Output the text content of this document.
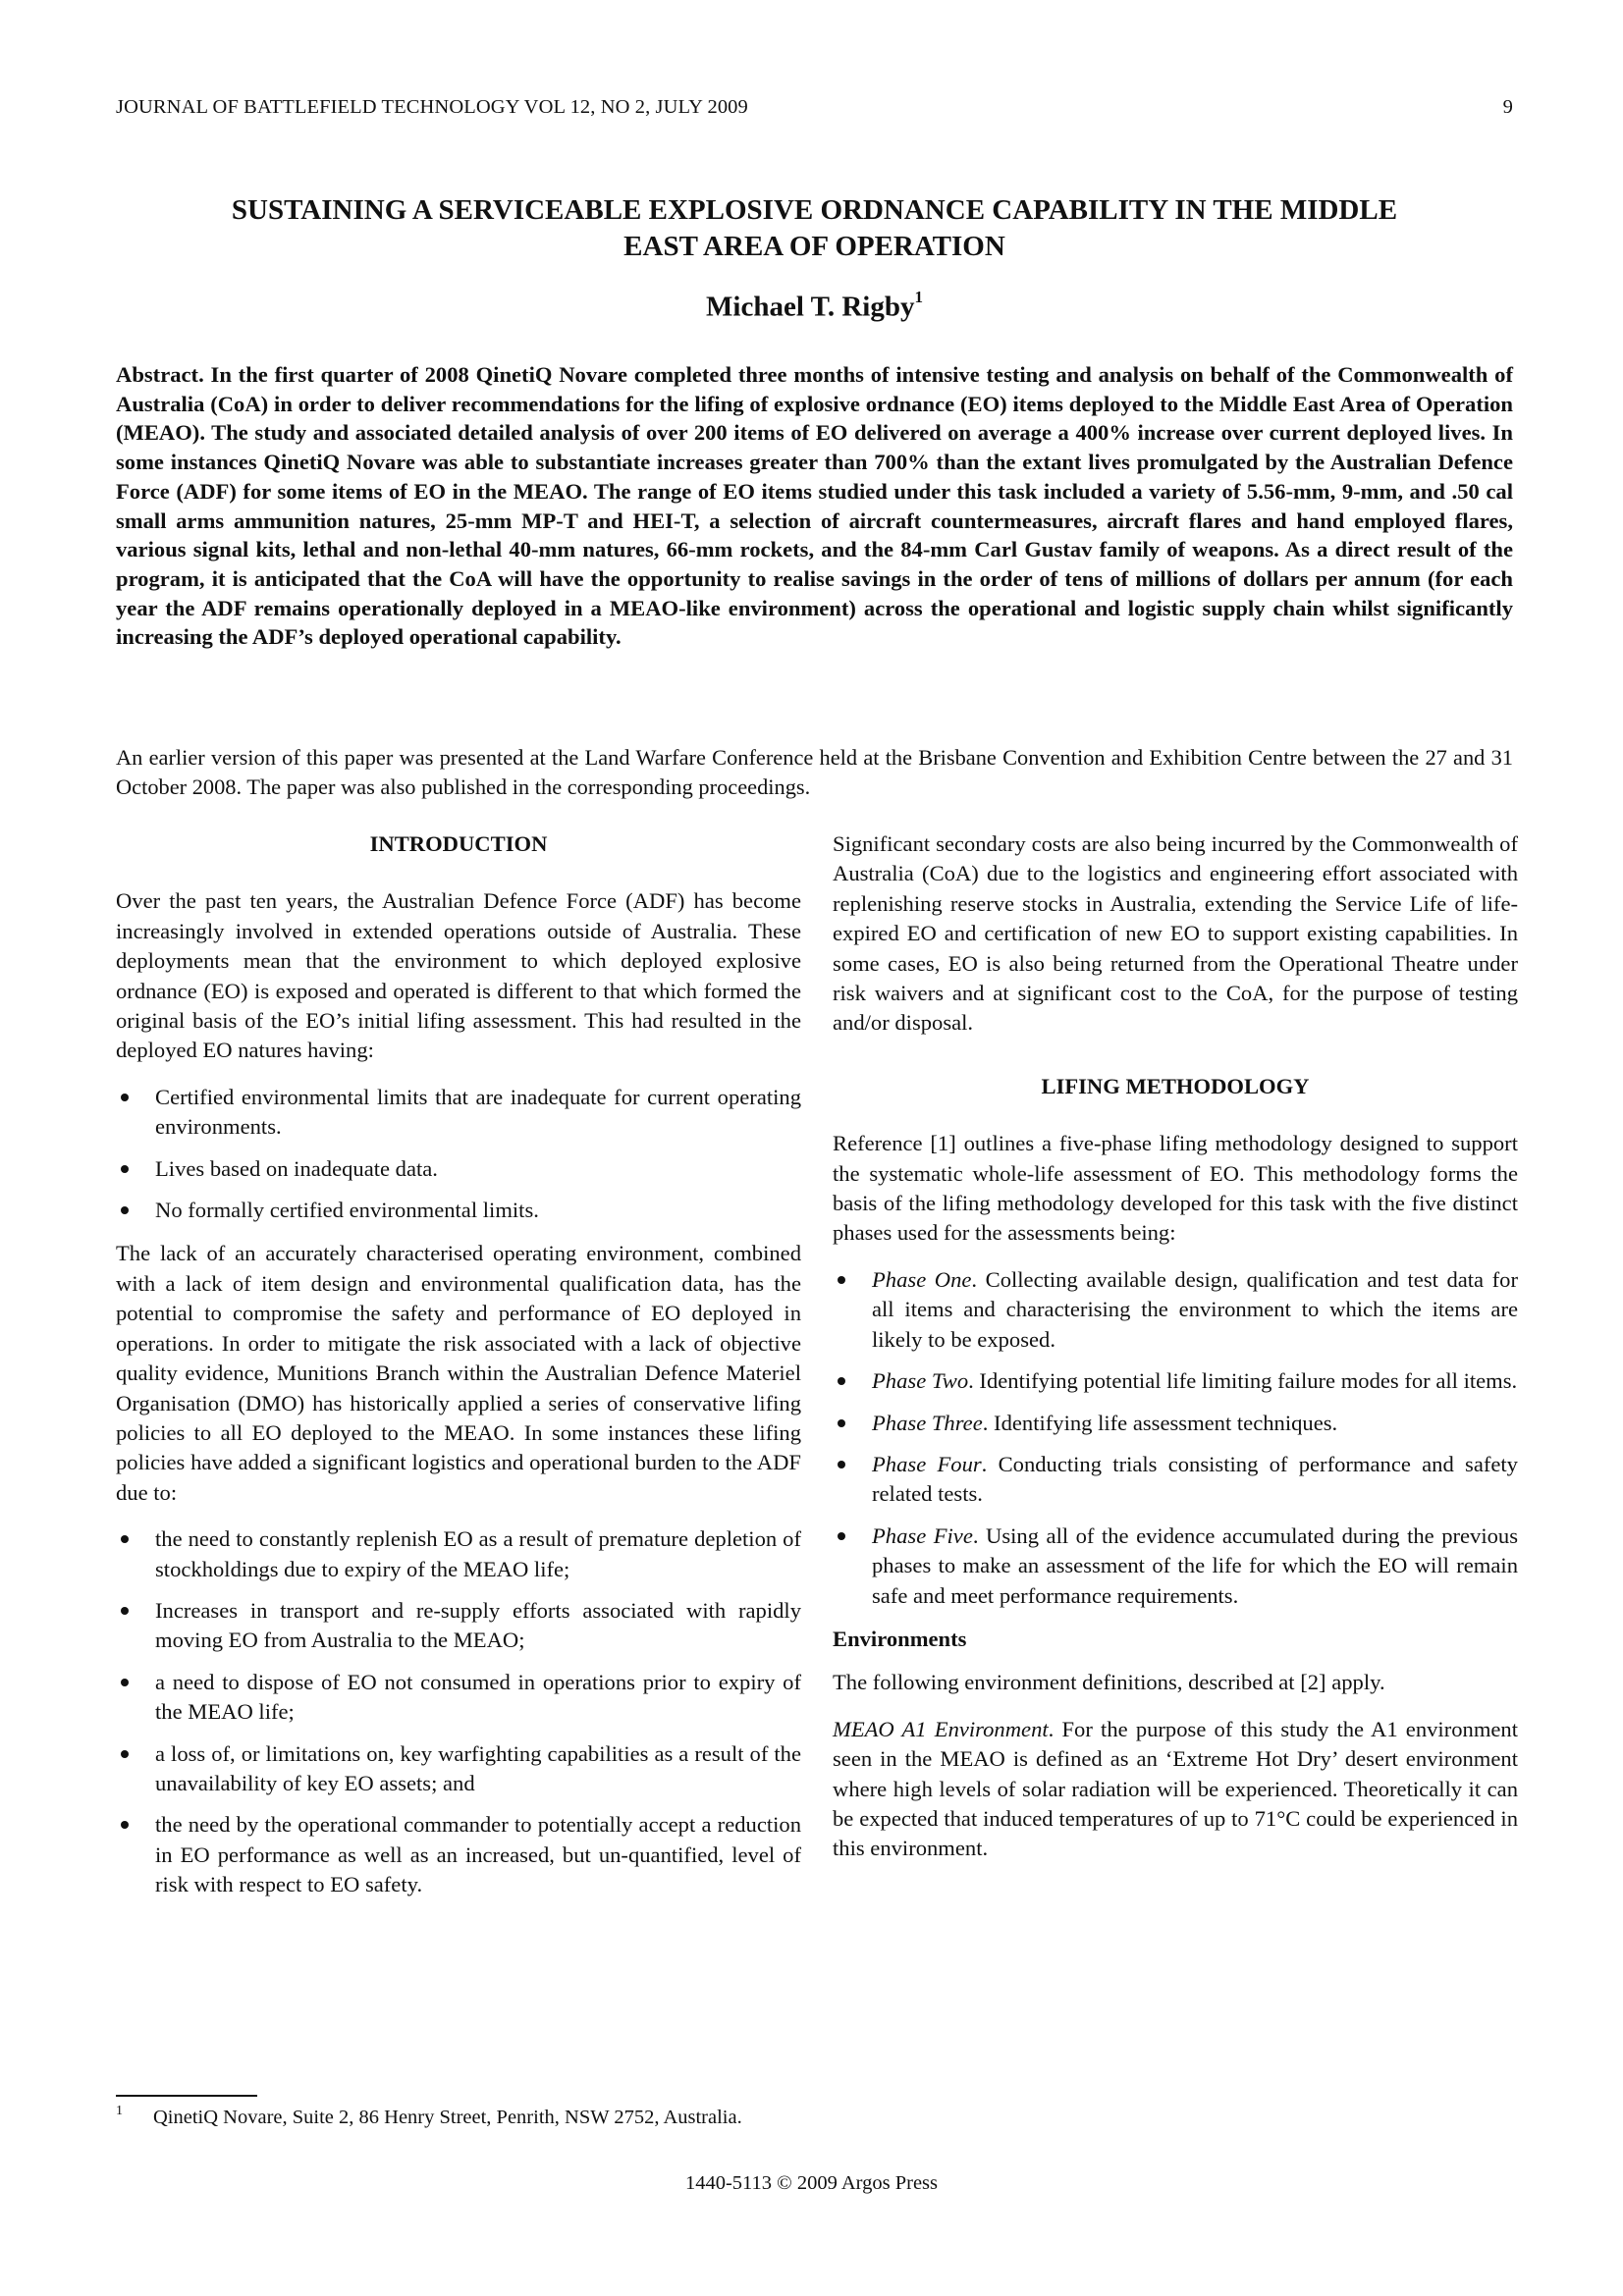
JOURNAL OF BATTLEFIELD TECHNOLOGY VOL 12, NO 2, JULY 2009	9
SUSTAINING A SERVICEABLE EXPLOSIVE ORDNANCE CAPABILITY IN THE MIDDLE
EAST AREA OF OPERATION
Michael T. Rigby$^1$

Abstract. In the first quarter of 2008 QinetiQ Novare completed three months of intensive testing and analysis on behalf of the Commonwealth of Australia (CoA) in order to deliver recommendations for the lifing of explosive ordnance (EO) items deployed to the Middle East Area of Operation (MEAO). The study and associated detailed analysis of over 200 items of EO delivered on average a 400% increase over current deployed lives. In some instances QinetiQ Novare was able to substantiate increases greater than 700% than the extant lives promulgated by the Australian Defence Force (ADF) for some items of EO in the MEAO. The range of EO items studied under this task included a variety of 5.56-mm, 9-mm, and .50 cal small arms ammunition natures, 25-mm MP-T and HEI-T, a selection of aircraft countermeasures, aircraft flares and hand employed flares, various signal kits, lethal and non-lethal 40-mm natures, 66-mm rockets, and the 84-mm Carl Gustav family of weapons. As a direct result of the program, it is anticipated that the CoA will have the opportunity to realise savings in the order of tens of millions of dollars per annum (for each year the ADF remains operationally deployed in a MEAO-like environment) across the operational and logistic supply chain whilst significantly increasing the ADF’s deployed operational capability.

An earlier version of this paper was presented at the Land Warfare Conference held at the Brisbane Convention and Exhibition Centre between the 27 and 31 October 2008. The paper was also published in the corresponding proceedings.

INTRODUCTION

Over the past ten years, the Australian Defence Force (ADF) has become increasingly involved in extended operations outside of Australia. These deployments mean that the environment to which deployed explosive ordnance (EO) is exposed and operated is different to that which formed the original basis of the EO’s initial lifing assessment. This had resulted in the deployed EO natures having:

Certified environmental limits that are inadequate for current operating environments.
Lives based on inadequate data.
No formally certified environmental limits.

The lack of an accurately characterised operating environment, combined with a lack of item design and environmental qualification data, has the potential to compromise the safety and performance of EO deployed in operations. In order to mitigate the risk associated with a lack of objective quality evidence, Munitions Branch within the Australian Defence Materiel Organisation (DMO) has historically applied a series of conservative lifing policies to all EO deployed to the MEAO. In some instances these lifing policies have added a significant logistics and operational burden to the ADF due to:

the need to constantly replenish EO as a result of premature depletion of stockholdings due to expiry of the MEAO life;
Increases in transport and re-supply efforts associated with rapidly moving EO from Australia to the MEAO;
a need to dispose of EO not consumed in operations prior to expiry of the MEAO life;
a loss of, or limitations on, key warfighting capabilities as a result of the unavailability of key EO assets; and
the need by the operational commander to potentially accept a reduction in EO performance as well as an increased, but un-quantified, level of risk with respect to EO safety.

Significant secondary costs are also being incurred by the Commonwealth of Australia (CoA) due to the logistics and engineering effort associated with replenishing reserve stocks in Australia, extending the Service Life of life-expired EO and certification of new EO to support existing capabilities. In some cases, EO is also being returned from the Operational Theatre under risk waivers and at significant cost to the CoA, for the purpose of testing and/or disposal.

LIFING METHODOLOGY

Reference [1] outlines a five-phase lifing methodology designed to support the systematic whole-life assessment of EO. This methodology forms the basis of the lifing methodology developed for this task with the five distinct phases used for the assessments being:

Phase One. Collecting available design, qualification and test data for all items and characterising the environment to which the items are likely to be exposed.
Phase Two. Identifying potential life limiting failure modes for all items.
Phase Three. Identifying life assessment techniques.
Phase Four. Conducting trials consisting of performance and safety related tests.
Phase Five. Using all of the evidence accumulated during the previous phases to make an assessment of the life for which the EO will remain safe and meet performance requirements.
Environments

The following environment definitions, described at [2] apply.

MEAO A1 Environment. For the purpose of this study the A1 environment seen in the MEAO is defined as an ‘Extreme Hot Dry’ desert environment where high levels of solar radiation will be experienced. Theoretically it can be expected that induced temperatures of up to 71°C could be experienced in this environment.

1	QinetiQ Novare, Suite 2, 86 Henry Street, Penrith, NSW 2752, Australia.
1440-5113 © 2009 Argos Press
